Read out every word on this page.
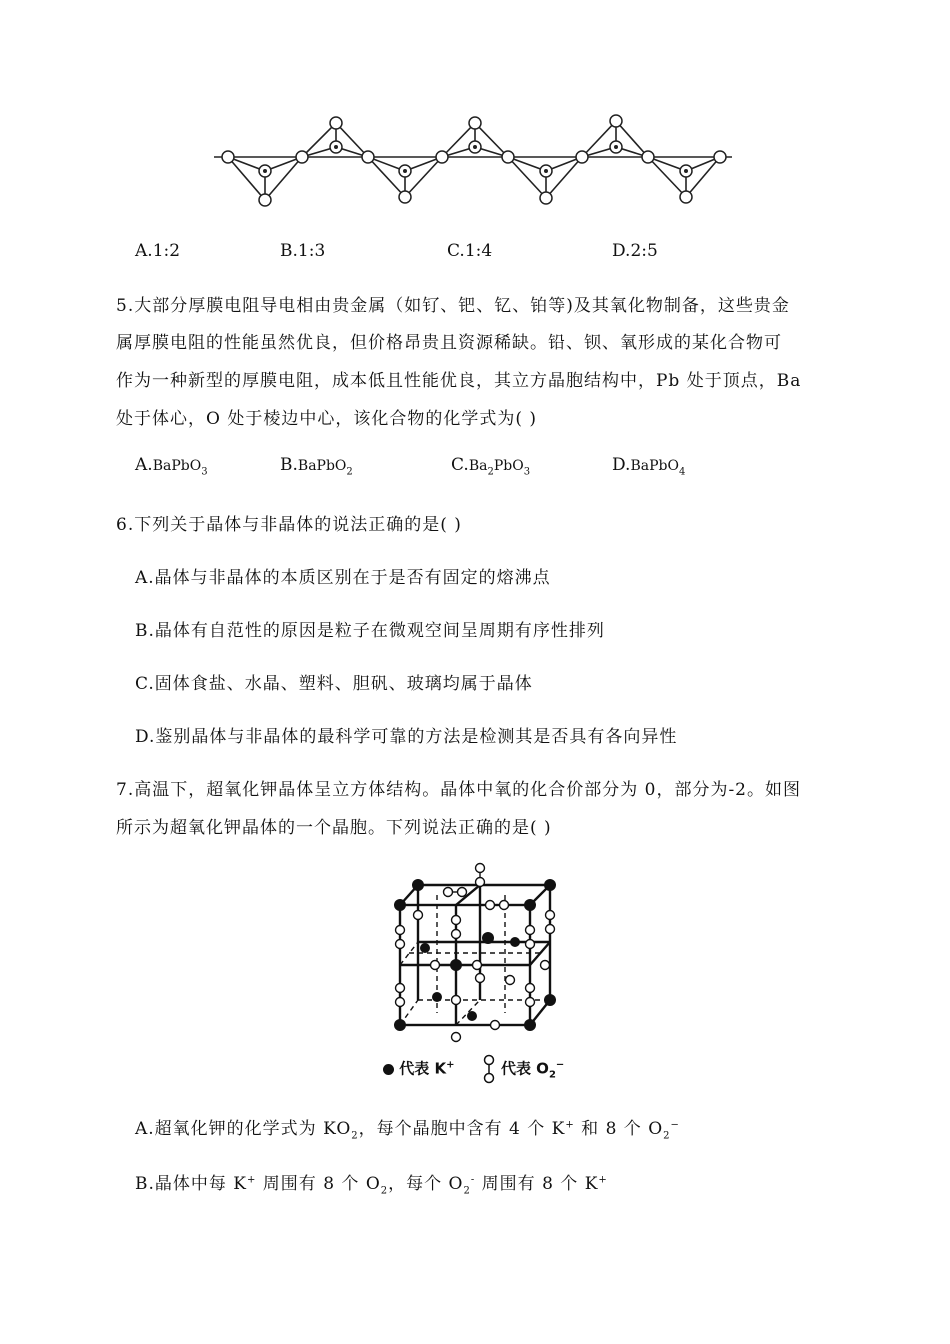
A.1:2	B.1:3	C.1:4	D.2:5
5.大部分厚膜电阻导电相由贵金属（如钌、钯、钇、铂等)及其氧化物制备，这些贵金
属厚膜电阻的性能虽然优良，但价格昂贵且资源稀缺。铅、钡、氧形成的某化合物可
作为一种新型的厚膜电阻，成本低且性能优良，其立方晶胞结构中，Pb 处于顶点，Ba
处于体心，O 处于棱边中心，该化合物的化学式为( )
A.BaPbO$_3$	B.BaPbO$_2$	$C.Ba_2PbO_3$	D.BaPbO$_4$
6.下列关于晶体与非晶体的说法正确的是( )
A.晶体与非晶体的本质区别在于是否有固定的熔沸点
B.晶体有自范性的原因是粒子在微观空间呈周期有序性排列
C.固体食盐、水晶、塑料、胆矾、玻璃均属于晶体
D.鉴别晶体与非晶体的最科学可靠的方法是检测其是否具有各向异性
7.高温下，超氧化钾晶体呈立方体结构。晶体中氧的化合价部分为 0，部分为-2。如图
所示为超氧化钾晶体的一个晶胞。下列说法正确的是( )
代表 K+	代表 $O_2^-$
A.超氧化钾的化学式为 $KO_2$，每个晶胞中含有 4 个 K+ 和 8 个 $O_2^-$
B.晶体中每 K+ 周围有 8 个 $O_2$，每个 $O_2^-$ 周围有 8 个 K+
